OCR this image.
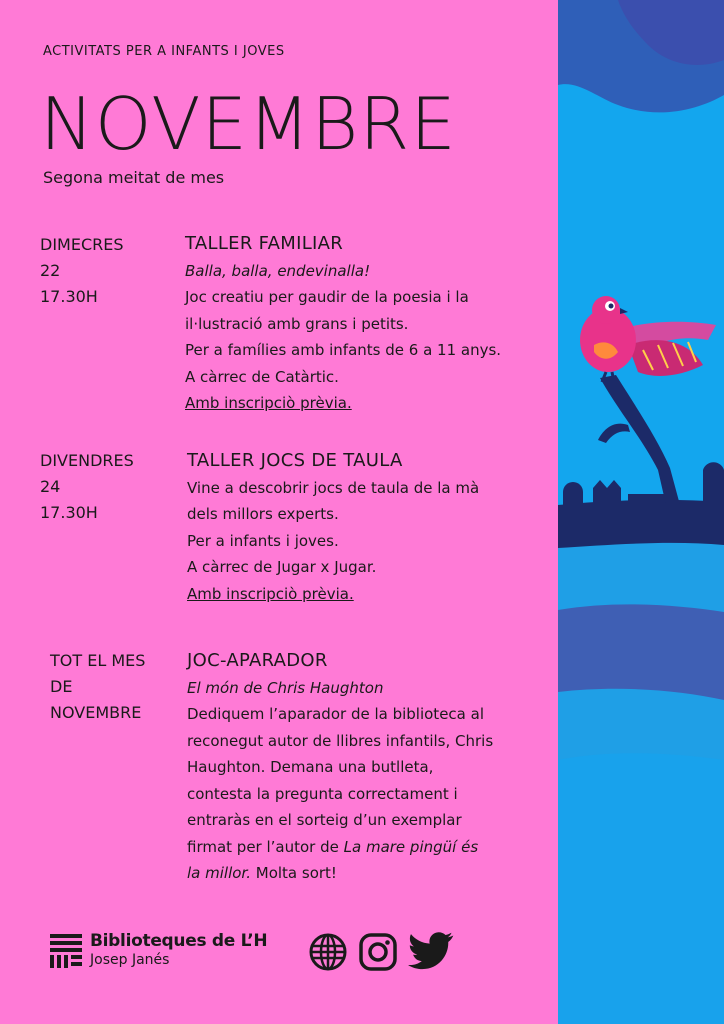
ACTIVITATS PER A INFANTS I JOVES
NOVEMBRE
Segona meitat de mes
DIMECRES
22
17.30H
TALLER FAMILIAR
Balla, balla, endevinalla!
Joc creatiu per gaudir de la poesia i la
il·lustració amb grans i petits.
Per a famílies amb infants de 6 a 11 anys.
A càrrec de Catàrtic.
Amb inscripciò prèvia.
DIVENDRES
24
17.30H
TALLER JOCS DE TAULA
Vine a descobrir jocs de taula de la mà
dels millors experts.
Per a infants i joves.
A càrrec de Jugar x Jugar.
Amb inscripciò prèvia.
TOT EL MES
DE
NOVEMBRE
JOC-APARADOR
El món de Chris Haughton
Dediquem l’aparador de la biblioteca al
reconegut autor de llibres infantils, Chris
Haughton. Demana una butlleta,
contesta la pregunta correctament i
entraràs en el sorteig d’un exemplar
firmat per l’autor de La mare pingüí és
la millor. Molta sort!
Biblioteques de L’H
Josep Janés
